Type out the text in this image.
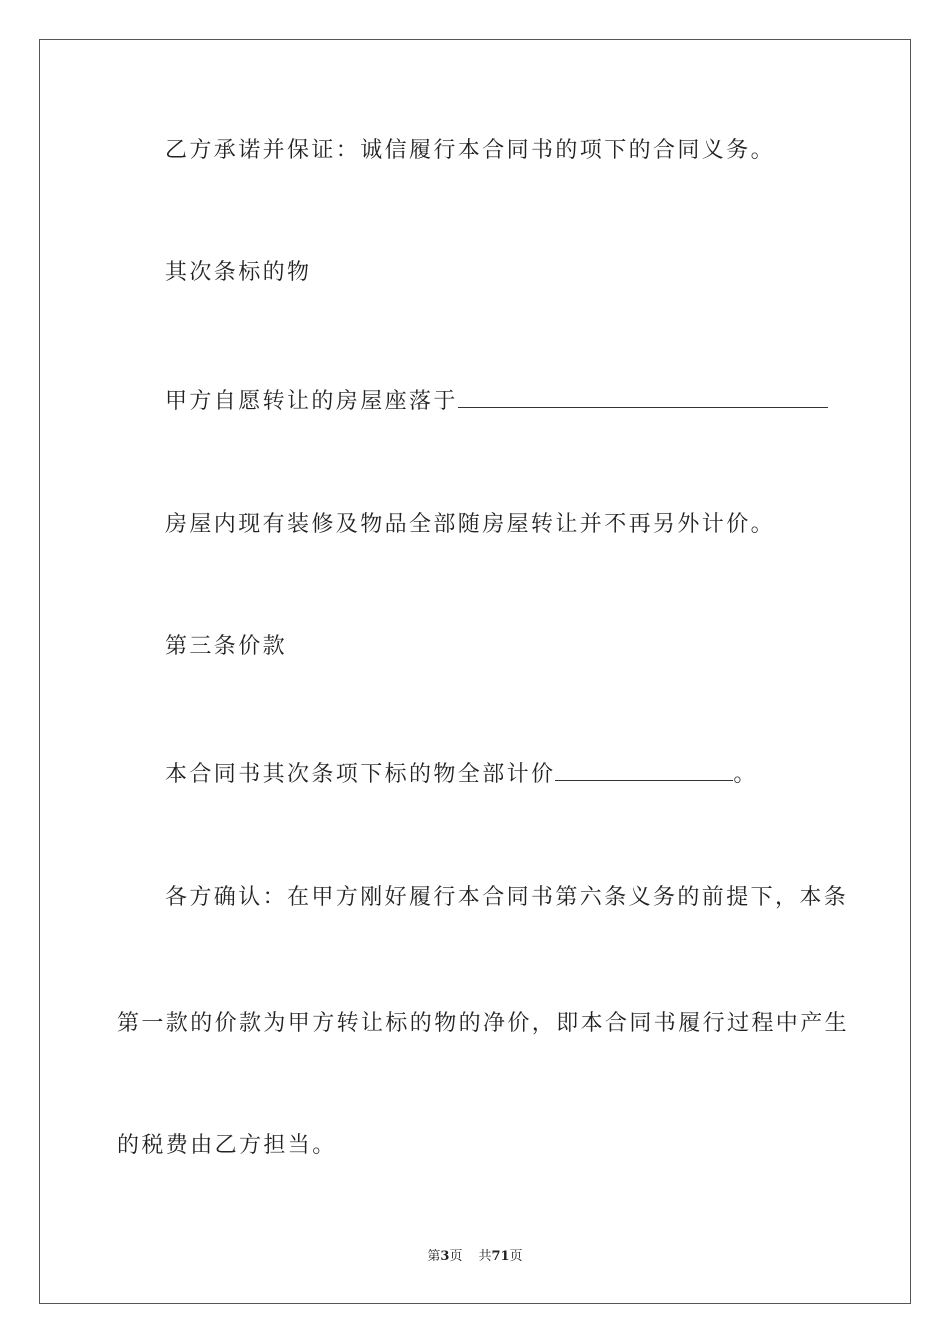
乙方承诺并保证：诚信履行本合同书的项下的合同义务。
其次条标的物
甲方自愿转让的房屋座落于
房屋内现有装修及物品全部随房屋转让并不再另外计价。
第三条价款
本合同书其次条项下标的物全部计价	。
各方确认：在甲方刚好履行本合同书第六条义务的前提下，本条
第一款的价款为甲方转让标的物的净价，即本合同书履行过程中产生
的税费由乙方担当。
第3页 共71页
